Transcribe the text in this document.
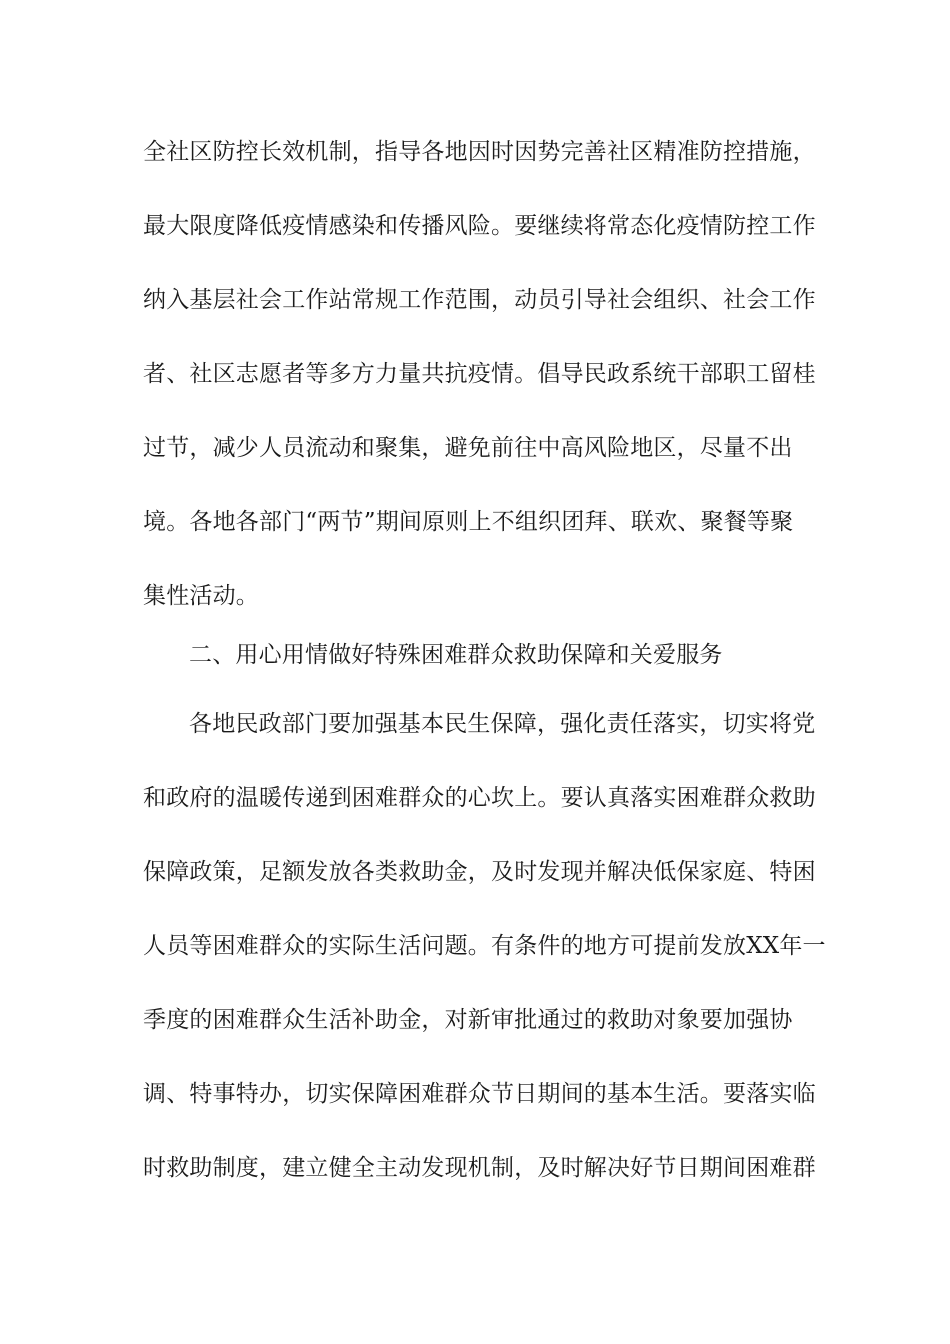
全社区防控长效机制，指导各地因时因势完善社区精准防控措施，
最大限度降低疫情感染和传播风险。要继续将常态化疫情防控工作
纳入基层社会工作站常规工作范围，动员引导社会组织、社会工作
者、社区志愿者等多方力量共抗疫情。倡导民政系统干部职工留桂
过节，减少人员流动和聚集，避免前往中高风险地区，尽量不出
境。各地各部门“两节”期间原则上不组织团拜、联欢、聚餐等聚
集性活动。
二、用心用情做好特殊困难群众救助保障和关爱服务
各地民政部门要加强基本民生保障，强化责任落实，切实将党
和政府的温暖传递到困难群众的心坎上。要认真落实困难群众救助
保障政策，足额发放各类救助金，及时发现并解决低保家庭、特困
人员等困难群众的实际生活问题。有条件的地方可提前发放XX年一
季度的困难群众生活补助金，对新审批通过的救助对象要加强协
调、特事特办，切实保障困难群众节日期间的基本生活。要落实临
时救助制度，建立健全主动发现机制，及时解决好节日期间困难群
